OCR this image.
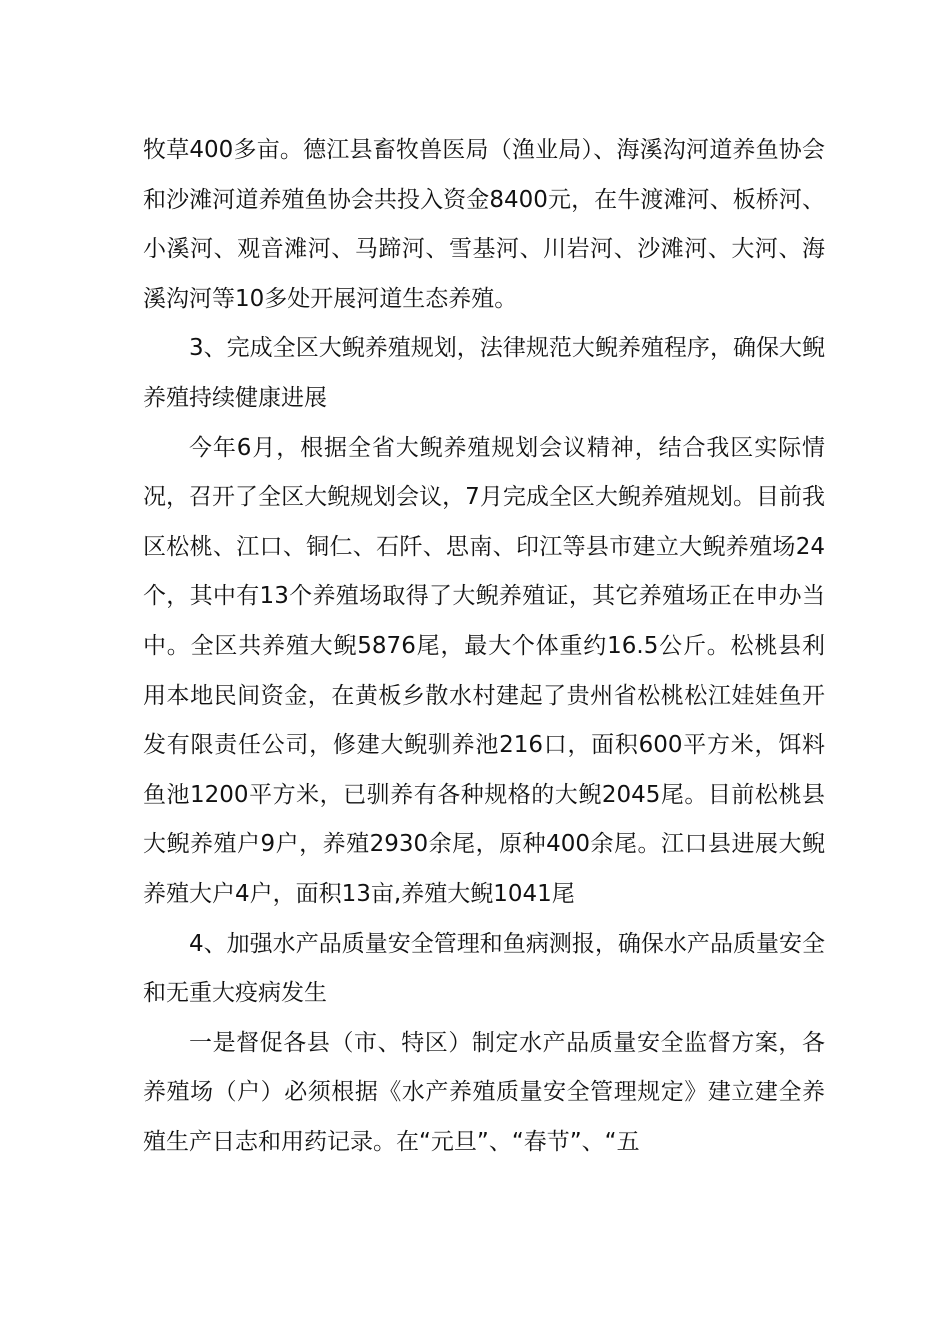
牧草400多亩。德江县畜牧兽医局（渔业局）、海溪沟河道养鱼协会和沙滩河道养殖鱼协会共投入资金8400元，在牛渡滩河、板桥河、小溪河、观音滩河、马蹄河、雪基河、川岩河、沙滩河、大河、海溪沟河等10多处开展河道生态养殖。

3、完成全区大鲵养殖规划，法律规范大鲵养殖程序，确保大鲵养殖持续健康进展

今年6月，根据全省大鲵养殖规划会议精神，结合我区实际情况，召开了全区大鲵规划会议，7月完成全区大鲵养殖规划。目前我区松桃、江口、铜仁、石阡、思南、印江等县市建立大鲵养殖场24个，其中有13个养殖场取得了大鲵养殖证，其它养殖场正在申办当中。全区共养殖大鲵5876尾，最大个体重约16.5公斤。松桃县利用本地民间资金，在黄板乡散水村建起了贵州省松桃松江娃娃鱼开发有限责任公司，修建大鲵驯养池216口，面积600平方米，饵料鱼池1200平方米，已驯养有各种规格的大鲵2045尾。目前松桃县大鲵养殖户9户，养殖2930余尾，原种400余尾。江口县进展大鲵养殖大户4户，面积13亩,养殖大鲵1041尾

4、加强水产品质量安全管理和鱼病测报，确保水产品质量安全和无重大疫病发生

一是督促各县（市、特区）制定水产品质量安全监督方案，各养殖场（户）必须根据《水产养殖质量安全管理规定》建立建全养殖生产日志和用药记录。在“元旦”、“春节”、“五
